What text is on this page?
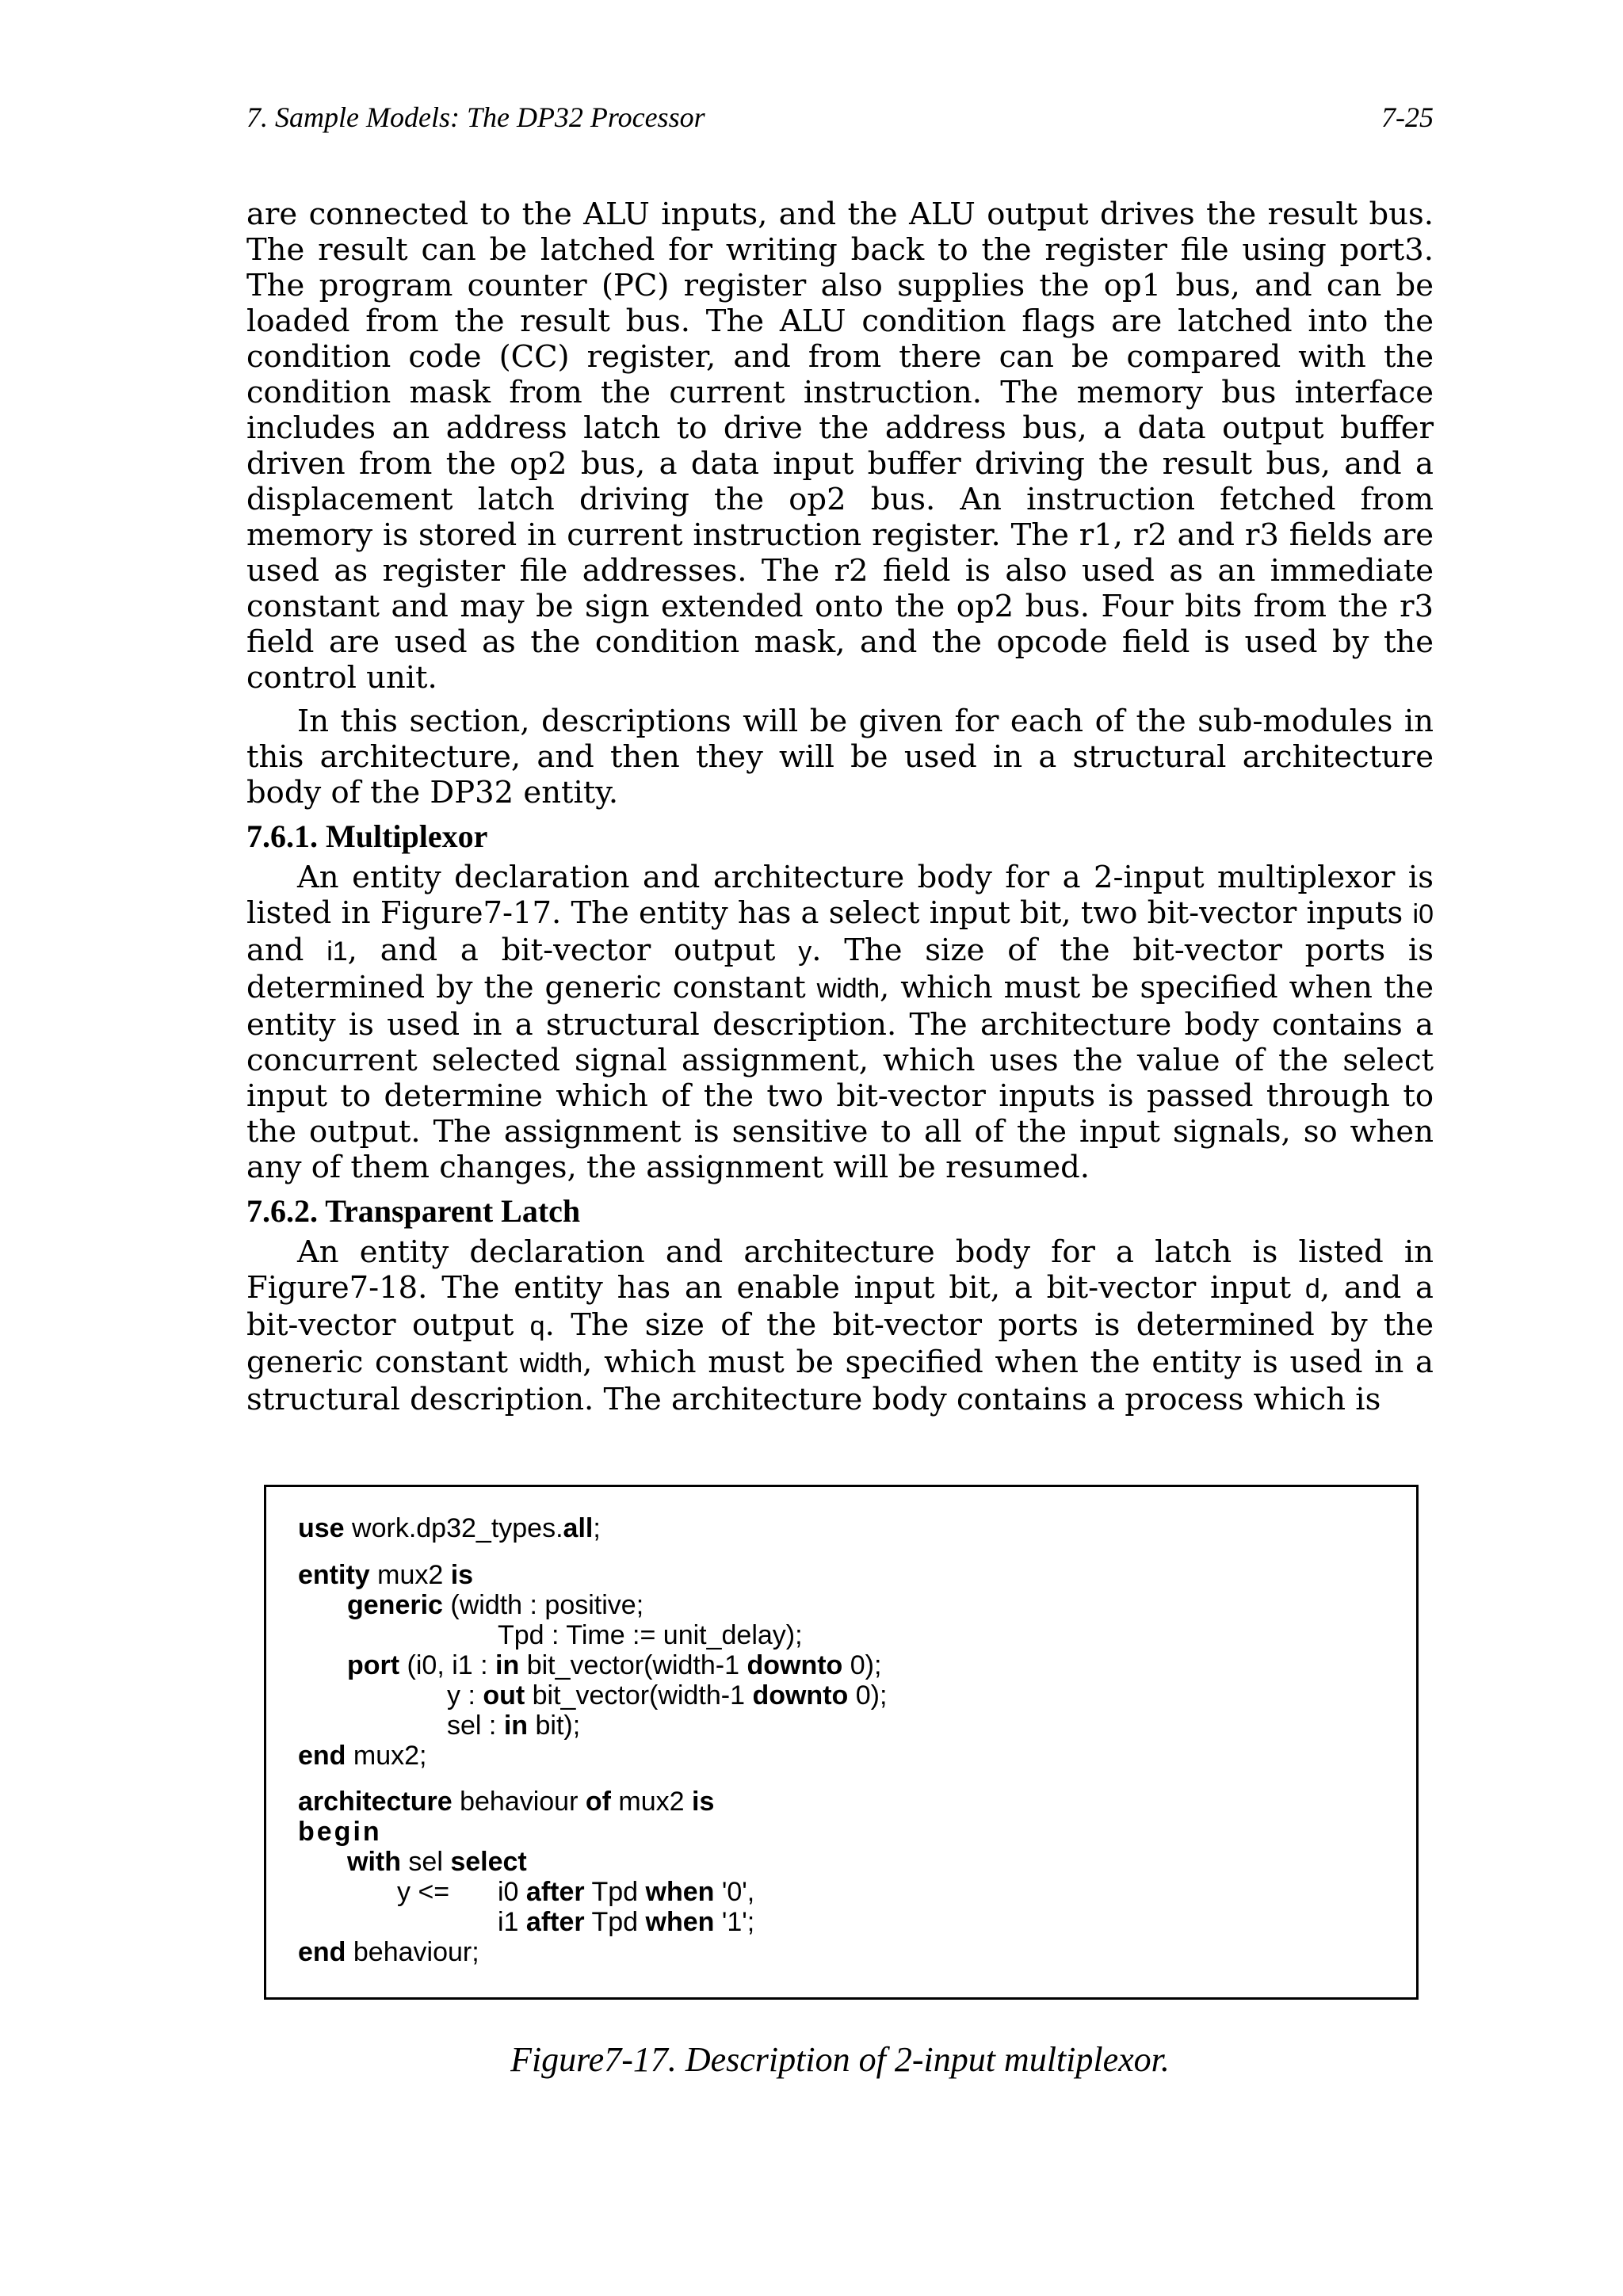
7. Sample Models: The DP32 Processor	7-25

are connected to the ALU inputs, and the ALU output drives the result bus. The result can be latched for writing back to the register file using port3. The program counter (PC) register also supplies the op1 bus, and can be loaded from the result bus. The ALU condition flags are latched into the condition code (CC) register, and from there can be compared with the condition mask from the current instruction. The memory bus interface includes an address latch to drive the address bus, a data output buffer driven from the op2 bus, a data input buffer driving the result bus, and a displacement latch driving the op2 bus. An instruction fetched from memory is stored in current instruction register. The r1, r2 and r3 fields are used as register file addresses. The r2 field is also used as an immediate constant and may be sign extended onto the op2 bus. Four bits from the r3 field are used as the condition mask, and the opcode field is used by the control unit.

In this section, descriptions will be given for each of the sub-modules in this architecture, and then they will be used in a structural architecture body of the DP32 entity.

7.6.1. Multiplexor

An entity declaration and architecture body for a 2-input multiplexor is listed in Figure7-17. The entity has a select input bit, two bit-vector inputs i0 and i1, and a bit-vector output y. The size of the bit-vector ports is determined by the generic constant width, which must be specified when the entity is used in a structural description. The architecture body contains a concurrent selected signal assignment, which uses the value of the select input to determine which of the two bit-vector inputs is passed through to the output. The assignment is sensitive to all of the input signals, so when any of them changes, the assignment will be resumed.

7.6.2. Transparent Latch

An entity declaration and architecture body for a latch is listed in Figure7-18. The entity has an enable input bit, a bit-vector input d, and a bit-vector output q. The size of the bit-vector ports is determined by the generic constant width, which must be specified when the entity is used in a structural description. The architecture body contains a process which is

use work.dp32_types.all;
entity mux2 is
generic (width : positive;
Tpd : Time := unit_delay);
port (i0, i1 : in bit_vector(width-1 downto 0);
y : out bit_vector(width-1 downto 0);
sel : in bit);
end mux2;
architecture behaviour of mux2 is
begin
with sel select
y <= i0 after Tpd when '0',
i1 after Tpd when '1';
end behaviour;
Figure7-17. Description of 2-input multiplexor.
